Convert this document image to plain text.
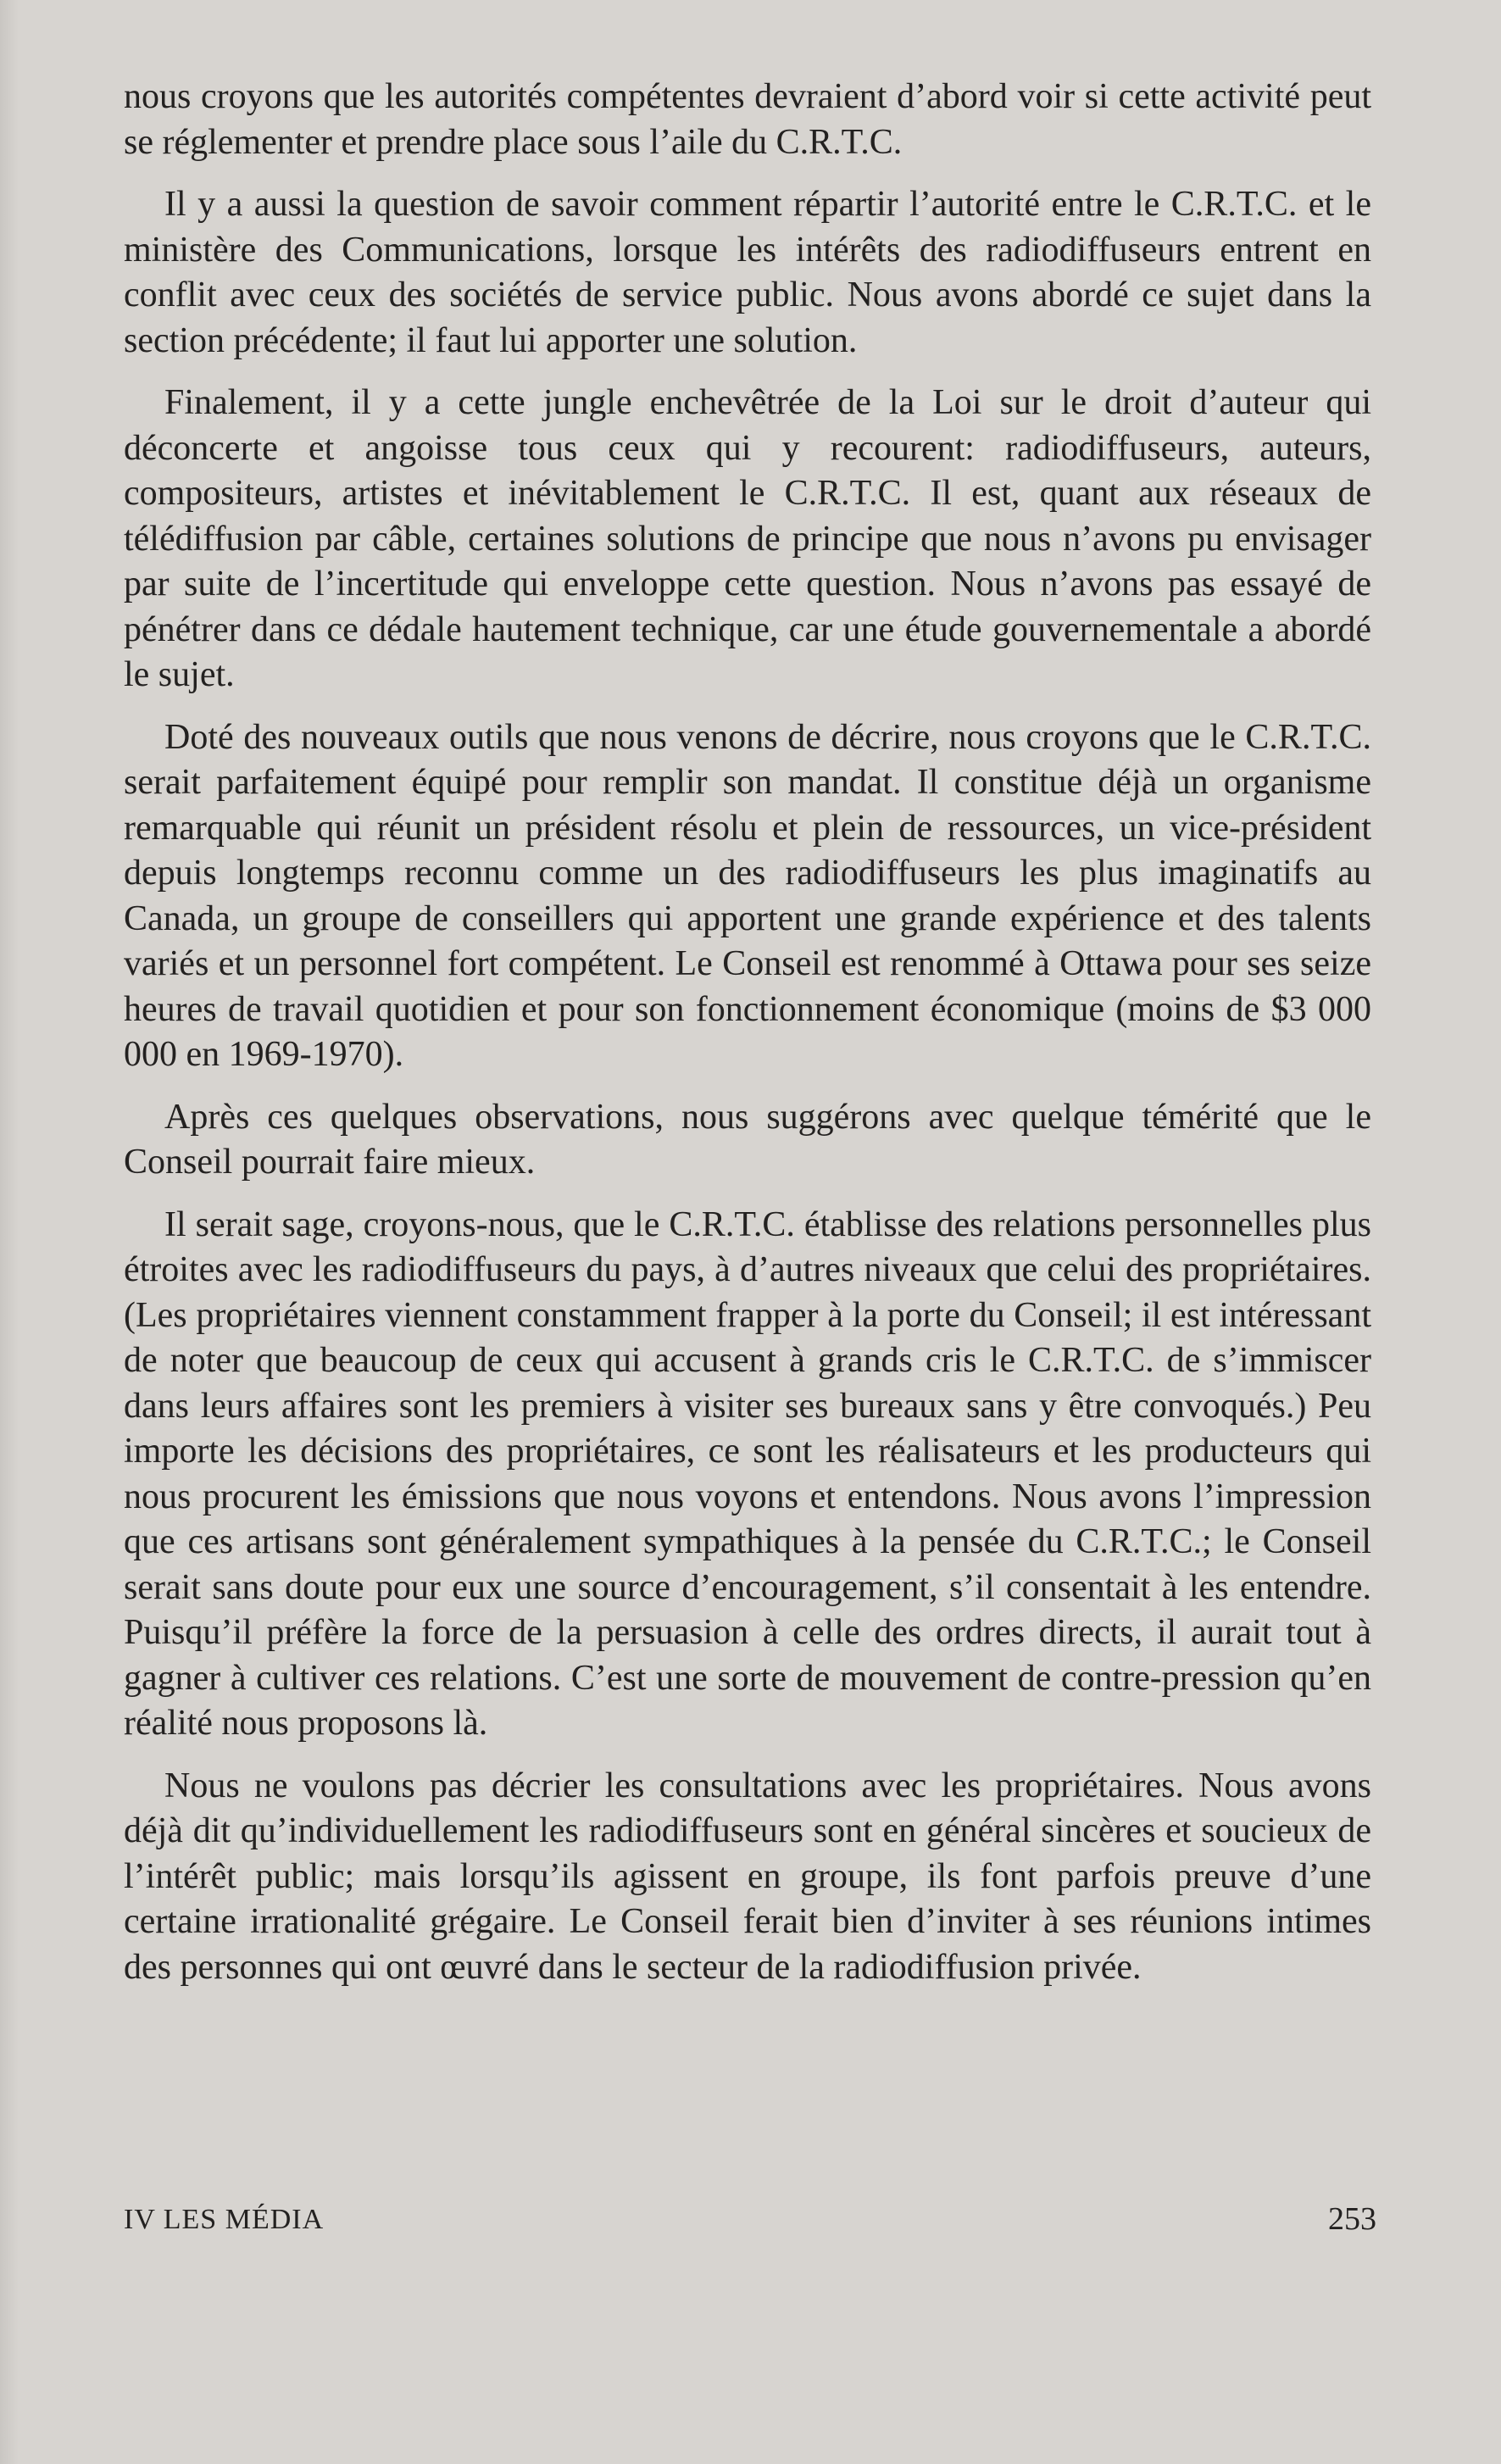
nous croyons que les autorités compétentes devraient d’abord voir si cette activité peut se réglementer et prendre place sous l’aile du C.R.T.C.

Il y a aussi la question de savoir comment répartir l’autorité entre le C.R.T.C. et le ministère des Communications, lorsque les intérêts des radiodiffuseurs entrent en conflit avec ceux des sociétés de service public. Nous avons abordé ce sujet dans la section précédente; il faut lui apporter une solution.

Finalement, il y a cette jungle enchevêtrée de la Loi sur le droit d’auteur qui déconcerte et angoisse tous ceux qui y recourent: radiodiffuseurs, auteurs, compositeurs, artistes et inévitablement le C.R.T.C. Il est, quant aux réseaux de télédiffusion par câble, certaines solutions de principe que nous n’avons pu envisager par suite de l’incertitude qui enveloppe cette question. Nous n’avons pas essayé de pénétrer dans ce dédale hautement technique, car une étude gouvernementale a abordé le sujet.

Doté des nouveaux outils que nous venons de décrire, nous croyons que le C.R.T.C. serait parfaitement équipé pour remplir son mandat. Il constitue déjà un organisme remarquable qui réunit un président résolu et plein de ressources, un vice-président depuis longtemps reconnu comme un des radiodiffuseurs les plus imaginatifs au Canada, un groupe de conseillers qui apportent une grande expérience et des talents variés et un personnel fort compétent. Le Conseil est renommé à Ottawa pour ses seize heures de travail quotidien et pour son fonctionnement économique (moins de $3 000 000 en 1969-1970).

Après ces quelques observations, nous suggérons avec quelque témérité que le Conseil pourrait faire mieux.

Il serait sage, croyons-nous, que le C.R.T.C. établisse des relations personnelles plus étroites avec les radiodiffuseurs du pays, à d’autres niveaux que celui des propriétaires. (Les propriétaires viennent constamment frapper à la porte du Conseil; il est intéressant de noter que beaucoup de ceux qui accusent à grands cris le C.R.T.C. de s’immiscer dans leurs affaires sont les premiers à visiter ses bureaux sans y être convoqués.) Peu importe les décisions des propriétaires, ce sont les réalisateurs et les producteurs qui nous procurent les émissions que nous voyons et entendons. Nous avons l’impression que ces artisans sont généralement sympathiques à la pensée du C.R.T.C.; le Conseil serait sans doute pour eux une source d’encouragement, s’il consentait à les entendre. Puisqu’il préfère la force de la persuasion à celle des ordres directs, il aurait tout à gagner à cultiver ces relations. C’est une sorte de mouvement de contre-pression qu’en réalité nous proposons là.

Nous ne voulons pas décrier les consultations avec les propriétaires. Nous avons déjà dit qu’individuellement les radiodiffuseurs sont en général sincères et soucieux de l’intérêt public; mais lorsqu’ils agissent en groupe, ils font parfois preuve d’une certaine irrationalité grégaire. Le Conseil ferait bien d’inviter à ses réunions intimes des personnes qui ont œuvré dans le secteur de la radiodiffusion privée.

IV LES MÉDIA	253
